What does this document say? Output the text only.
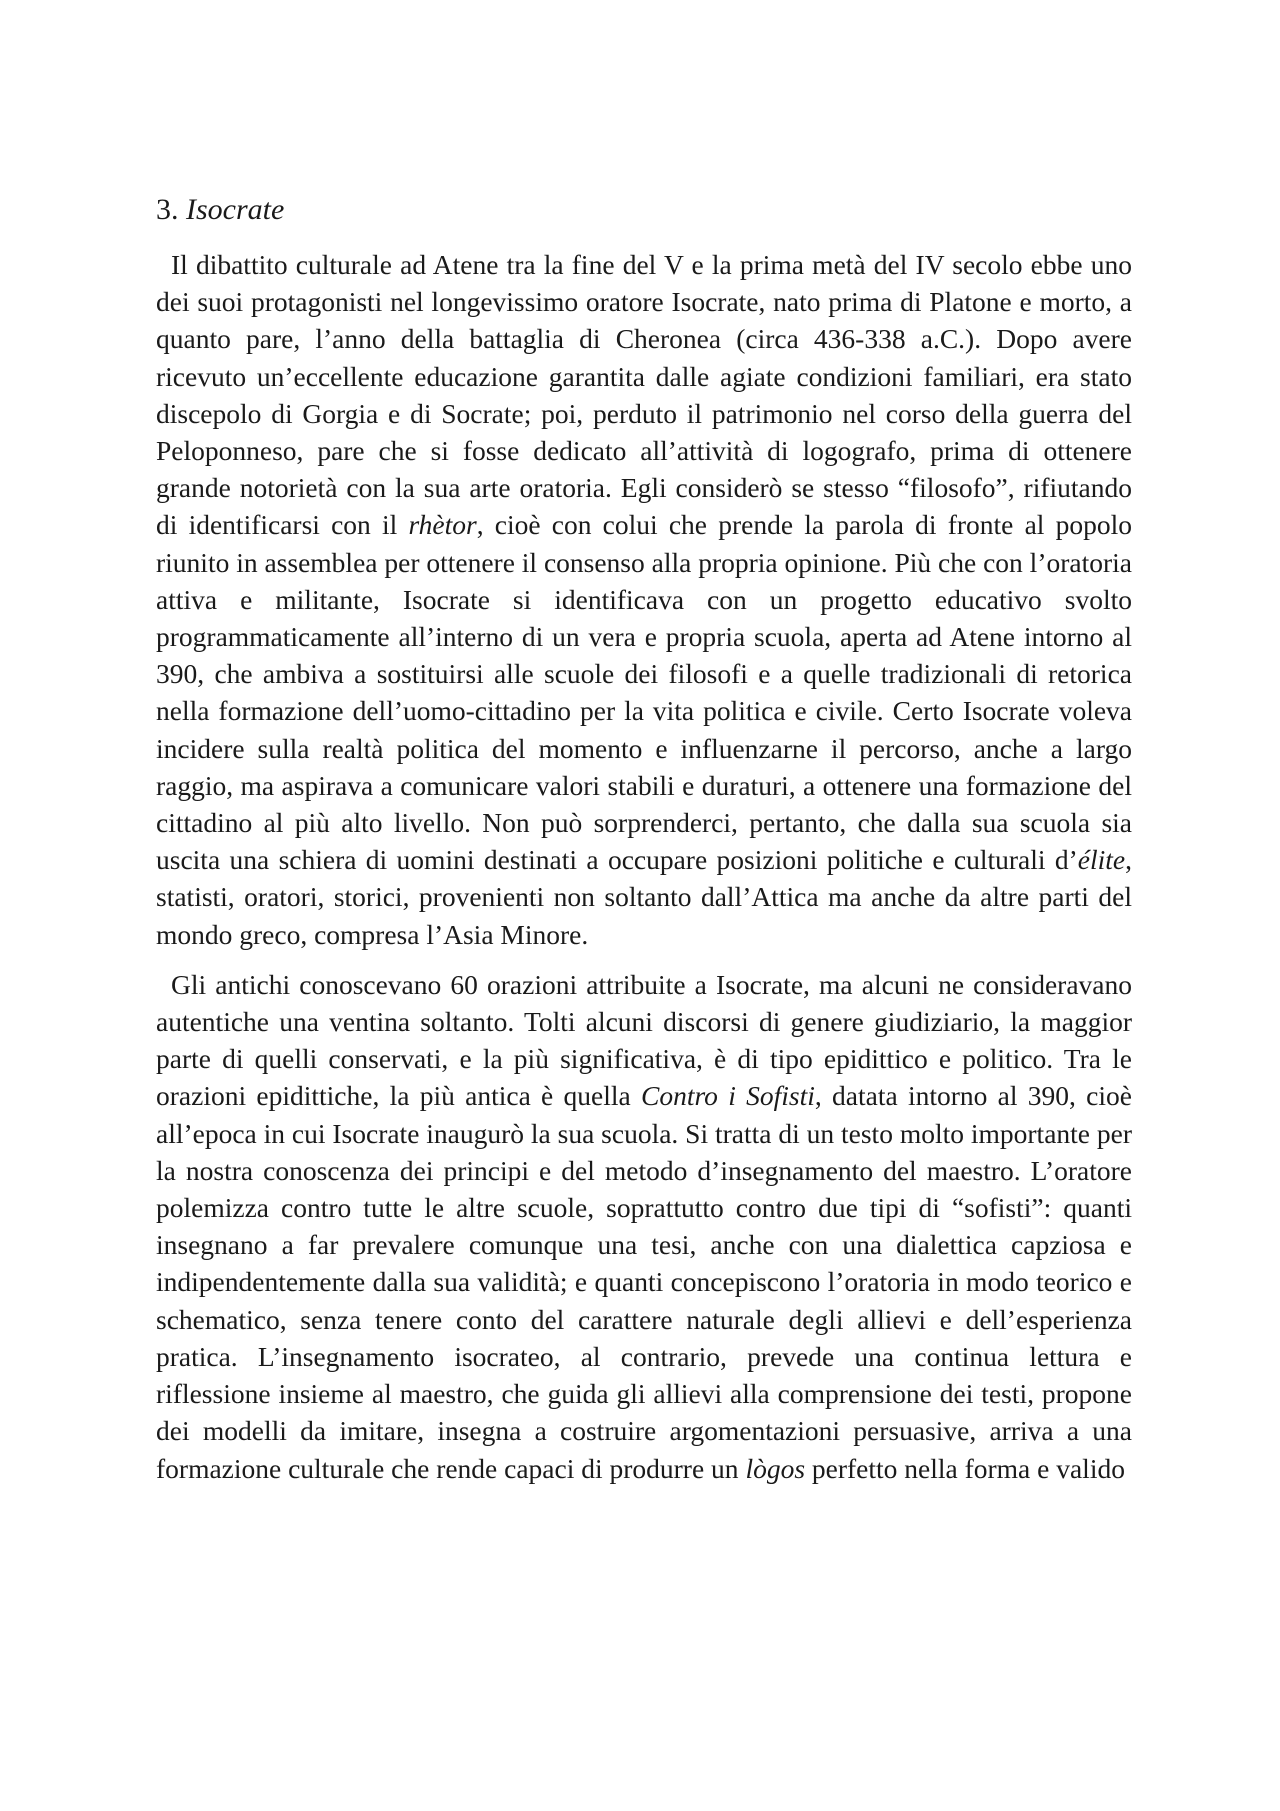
3. Isocrate

Il dibattito culturale ad Atene tra la fine del V e la prima metà del IV secolo ebbe uno dei suoi protagonisti nel longevissimo oratore Isocrate, nato prima di Platone e morto, a quanto pare, l’anno della battaglia di Cheronea (circa 436-338 a.C.). Dopo avere ricevuto un’eccellente educazione garantita dalle agiate condizioni familiari, era stato discepolo di Gorgia e di Socrate; poi, perduto il patrimonio nel corso della guerra del Peloponneso, pare che si fosse dedicato all’attività di logografo, prima di ottenere grande notorietà con la sua arte oratoria. Egli considerò se stesso “filosofo”, rifiutando di identificarsi con il rhètor, cioè con colui che prende la parola di fronte al popolo riunito in assemblea per ottenere il consenso alla propria opinione. Più che con l’oratoria attiva e militante, Isocrate si identificava con un progetto educativo svolto programmaticamente all’interno di un vera e propria scuola, aperta ad Atene intorno al 390, che ambiva a sostituirsi alle scuole dei filosofi e a quelle tradizionali di retorica nella formazione dell’uomo-cittadino per la vita politica e civile. Certo Isocrate voleva incidere sulla realtà politica del momento e influenzarne il percorso, anche a largo raggio, ma aspirava a comunicare valori stabili e duraturi, a ottenere una formazione del cittadino al più alto livello. Non può sorprenderci, pertanto, che dalla sua scuola sia uscita una schiera di uomini destinati a occupare posizioni politiche e culturali d’élite, statisti, oratori, storici, provenienti non soltanto dall’Attica ma anche da altre parti del mondo greco, compresa l’Asia Minore.

Gli antichi conoscevano 60 orazioni attribuite a Isocrate, ma alcuni ne consideravano autentiche una ventina soltanto. Tolti alcuni discorsi di genere giudiziario, la maggior parte di quelli conservati, e la più significativa, è di tipo epidittico e politico. Tra le orazioni epidittiche, la più antica è quella Contro i Sofisti, datata intorno al 390, cioè all’epoca in cui Isocrate inaugurò la sua scuola. Si tratta di un testo molto importante per la nostra conoscenza dei principi e del metodo d’insegnamento del maestro. L’oratore polemizza contro tutte le altre scuole, soprattutto contro due tipi di “sofisti”: quanti insegnano a far prevalere comunque una tesi, anche con una dialettica capziosa e indipendentemente dalla sua validità; e quanti concepiscono l’oratoria in modo teorico e schematico, senza tenere conto del carattere naturale degli allievi e dell’esperienza pratica. L’insegnamento isocrateo, al contrario, prevede una continua lettura e riflessione insieme al maestro, che guida gli allievi alla comprensione dei testi, propone dei modelli da imitare, insegna a costruire argomentazioni persuasive, arriva a una formazione culturale che rende capaci di produrre un lògos perfetto nella forma e valido
